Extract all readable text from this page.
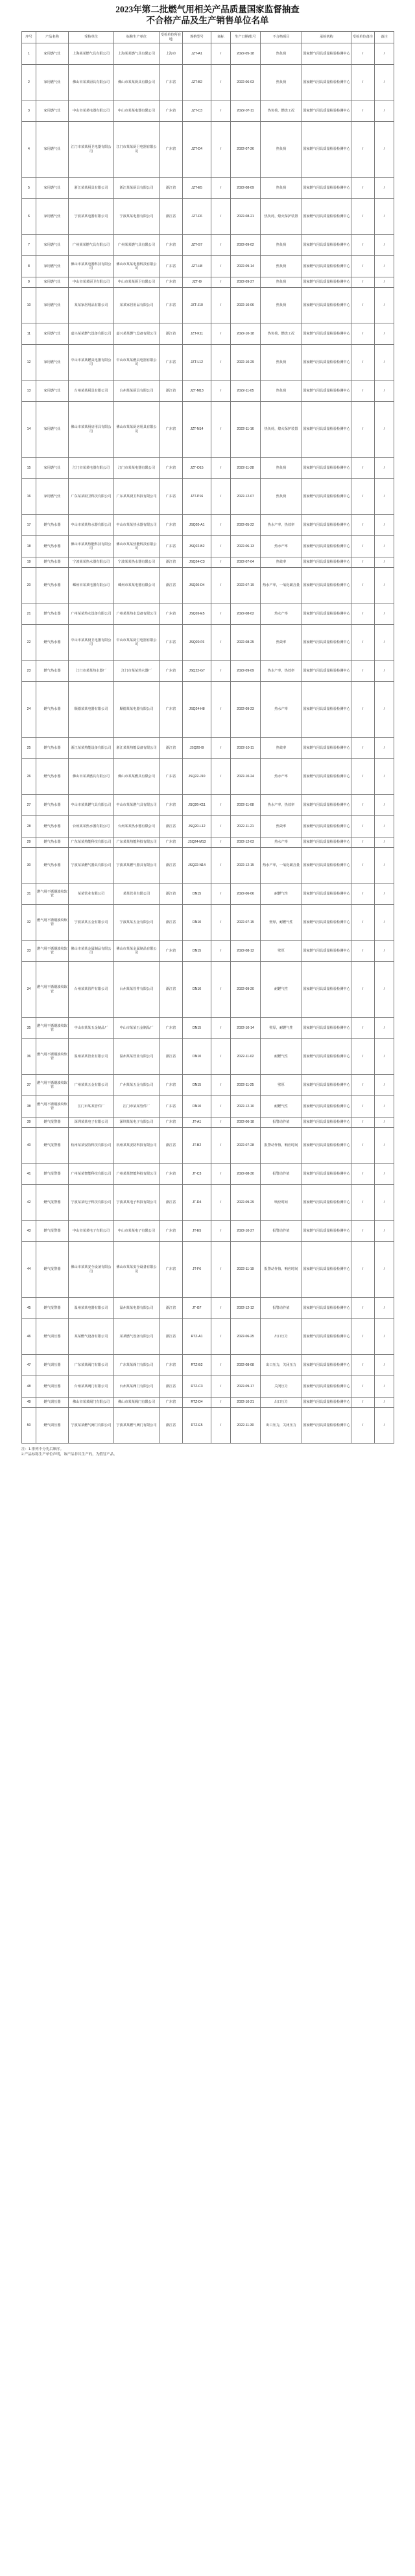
2023年第二批燃气用相关产品质量国家监督抽查
不合格产品及生产销售单位名单
序号	产品名称	受检单位	标称生产单位	受检单位所在地	规格型号	商标	生产日期/批号	不合格项目	承检机构	受检单位备注	备注
1	家用燃气灶	上海某某燃气具有限公司	上海某某燃气具有限公司	上海市	JZT-A1	/	2022-05-18	热负荷	国家燃气用具质量检验检测中心	/	/
2	家用燃气灶	佛山市某某厨具有限公司	佛山市某某厨具有限公司	广东省	JZT-B2	/	2022-06-03	热负荷	国家燃气用具质量检验检测中心	/	/
3	家用燃气灶	中山市某某电器有限公司	中山市某某电器有限公司	广东省	JZT-C3	/	2022-07-11	热负荷，燃烧工况	国家燃气用具质量检验检测中心	/	/
4	家用燃气灶	江门市某某厨卫电器有限公司	江门市某某厨卫电器有限公司	广东省	JZT-D4	/	2022-07-26	热负荷	国家燃气用具质量检验检测中心	/	/
5	家用燃气灶	浙江某某厨具有限公司	浙江某某厨具有限公司	浙江省	JZT-E5	/	2022-08-09	热负荷	国家燃气用具质量检验检测中心	/	/
6	家用燃气灶	宁波某某电器有限公司	宁波某某电器有限公司	浙江省	JZT-F6	/	2022-08-21	热负荷，熄火保护装置	国家燃气用具质量检验检测中心	/	/
7	家用燃气灶	广州某某燃气具有限公司	广州某某燃气具有限公司	广东省	JZT-G7	/	2022-09-02	热负荷	国家燃气用具质量检验检测中心	/	/
8	家用燃气灶	佛山市某某电器科技有限公司	佛山市某某电器科技有限公司	广东省	JZT-H8	/	2022-09-14	热负荷	国家燃气用具质量检验检测中心	/	/
9	家用燃气灶	中山市某某厨卫有限公司	中山市某某厨卫有限公司	广东省	JZT-I9	/	2022-09-27	热负荷	国家燃气用具质量检验检测中心	/	/
10	家用燃气灶	某某家居用品有限公司	某某家居用品有限公司	广东省	JZT-J10	/	2022-10-06	热负荷	国家燃气用具质量检验检测中心	/	/
11	家用燃气灶	嘉兴某某燃气设备有限公司	嘉兴某某燃气设备有限公司	浙江省	JZT-K11	/	2022-10-18	热负荷，燃烧工况	国家燃气用具质量检验检测中心	/	/
12	家用燃气灶	中山市某某燃具电器有限公司	中山市某某燃具电器有限公司	广东省	JZT-L12	/	2022-10-29	热负荷	国家燃气用具质量检验检测中心	/	/
13	家用燃气灶	台州某某厨具有限公司	台州某某厨具有限公司	浙江省	JZT-M13	/	2022-11-05	热负荷	国家燃气用具质量检验检测中心	/	/
14	家用燃气灶	佛山市某某厨房用具有限公司	佛山市某某厨房用具有限公司	广东省	JZT-N14	/	2022-11-16	热负荷，熄火保护装置	国家燃气用具质量检验检测中心	/	/
15	家用燃气灶	江门市某某电器有限公司	江门市某某电器有限公司	广东省	JZT-O15	/	2022-11-28	热负荷	国家燃气用具质量检验检测中心	/	/
16	家用燃气灶	广东某某厨卫科技有限公司	广东某某厨卫科技有限公司	广东省	JZT-P16	/	2022-12-07	热负荷	国家燃气用具质量检验检测中心	/	/
17	燃气热水器	中山市某某热水器有限公司	中山市某某热水器有限公司	广东省	JSQ20-A1	/	2022-05-22	热水产率，热效率	国家燃气用具质量检验检测中心	/	/
18	燃气热水器	佛山市某某热能科技有限公司	佛山市某某热能科技有限公司	广东省	JSQ22-B2	/	2022-06-13	热水产率	国家燃气用具质量检验检测中心	/	/
19	燃气热水器	宁波某某热水器有限公司	宁波某某热水器有限公司	浙江省	JSQ24-C3	/	2022-07-04	热效率	国家燃气用具质量检验检测中心	/	/
20	燃气热水器	嵊州市某某电器有限公司	嵊州市某某电器有限公司	浙江省	JSQ20-D4	/	2022-07-19	热水产率，一氧化碳含量	国家燃气用具质量检验检测中心	/	/
21	燃气热水器	广州某某热水设备有限公司	广州某某热水设备有限公司	广东省	JSQ26-E5	/	2022-08-02	热水产率	国家燃气用具质量检验检测中心	/	/
22	燃气热水器	中山市某某厨卫电器有限公司	中山市某某厨卫电器有限公司	广东省	JSQ20-F6	/	2022-08-25	热效率	国家燃气用具质量检验检测中心	/	/
23	燃气热水器	江门市某某热水器厂	江门市某某热水器厂	广东省	JSQ22-G7	/	2022-09-09	热水产率，热效率	国家燃气用具质量检验检测中心	/	/
24	燃气热水器	顺德某某电器有限公司	顺德某某电器有限公司	广东省	JSQ24-H8	/	2022-09-23	热水产率	国家燃气用具质量检验检测中心	/	/
25	燃气热水器	浙江某某热能设备有限公司	浙江某某热能设备有限公司	浙江省	JSQ20-I9	/	2022-10-11	热效率	国家燃气用具质量检验检测中心	/	/
26	燃气热水器	佛山市某某燃具有限公司	佛山市某某燃具有限公司	广东省	JSQ22-J10	/	2022-10-24	热水产率	国家燃气用具质量检验检测中心	/	/
27	燃气热水器	中山市某某燃气具有限公司	中山市某某燃气具有限公司	广东省	JSQ26-K11	/	2022-11-08	热水产率，热效率	国家燃气用具质量检验检测中心	/	/
28	燃气热水器	台州某某热水器有限公司	台州某某热水器有限公司	浙江省	JSQ20-L12	/	2022-11-21	热效率	国家燃气用具质量检验检测中心	/	/
29	燃气热水器	广东某某热能科技有限公司	广东某某热能科技有限公司	广东省	JSQ24-M13	/	2022-12-03	热水产率	国家燃气用具质量检验检测中心	/	/
30	燃气热水器	宁波某某燃气器具有限公司	宁波某某燃气器具有限公司	浙江省	JSQ22-N14	/	2022-12-15	热水产率，一氧化碳含量	国家燃气用具质量检验检测中心	/	/
31	燃气用不锈钢波纹软管	某某管业有限公司	某某管业有限公司	浙江省	DN15	/	2022-06-06	耐燃气性	国家燃气用具质量检验检测中心	/	/
32	燃气用不锈钢波纹软管	宁波某某五金有限公司	宁波某某五金有限公司	浙江省	DN10	/	2022-07-15	壁厚，耐燃气性	国家燃气用具质量检验检测中心	/	/
33	燃气用不锈钢波纹软管	佛山市某某金属制品有限公司	佛山市某某金属制品有限公司	广东省	DN15	/	2022-08-12	壁厚	国家燃气用具质量检验检测中心	/	/
34	燃气用不锈钢波纹软管	台州某某管件有限公司	台州某某管件有限公司	浙江省	DN10	/	2022-09-20	耐燃气性	国家燃气用具质量检验检测中心	/	/
35	燃气用不锈钢波纹软管	中山市某某五金制品厂	中山市某某五金制品厂	广东省	DN15	/	2022-10-14	壁厚，耐燃气性	国家燃气用具质量检验检测中心	/	/
36	燃气用不锈钢波纹软管	温州某某管业有限公司	温州某某管业有限公司	浙江省	DN10	/	2022-11-02	耐燃气性	国家燃气用具质量检验检测中心	/	/
37	燃气用不锈钢波纹软管	广州某某五金有限公司	广州某某五金有限公司	广东省	DN15	/	2022-11-25	壁厚	国家燃气用具质量检验检测中心	/	/
38	燃气用不锈钢波纹软管	江门市某某管件厂	江门市某某管件厂	广东省	DN10	/	2022-12-10	耐燃气性	国家燃气用具质量检验检测中心	/	/
39	燃气报警器	深圳某某电子有限公司	深圳某某电子有限公司	广东省	JT-A1	/	2022-06-18	报警动作值	国家燃气用具质量检验检测中心	/	/
40	燃气报警器	杭州某某安防科技有限公司	杭州某某安防科技有限公司	浙江省	JT-B2	/	2022-07-28	报警动作值，响应时间	国家燃气用具质量检验检测中心	/	/
41	燃气报警器	广州某某智能科技有限公司	广州某某智能科技有限公司	广东省	JT-C3	/	2022-08-30	报警动作值	国家燃气用具质量检验检测中心	/	/
42	燃气报警器	宁波某某电子科技有限公司	宁波某某电子科技有限公司	浙江省	JT-D4	/	2022-09-29	响应时间	国家燃气用具质量检验检测中心	/	/
43	燃气报警器	中山市某某电子有限公司	中山市某某电子有限公司	广东省	JT-E5	/	2022-10-27	报警动作值	国家燃气用具质量检验检测中心	/	/
44	燃气报警器	佛山市某某安全设备有限公司	佛山市某某安全设备有限公司	广东省	JT-F6	/	2022-11-19	报警动作值，响应时间	国家燃气用具质量检验检测中心	/	/
45	燃气报警器	温州某某电器有限公司	温州某某电器有限公司	浙江省	JT-G7	/	2022-12-12	报警动作值	国家燃气用具质量检验检测中心	/	/
46	燃气调压器	某某燃气设备有限公司	某某燃气设备有限公司	浙江省	RTZ-A1	/	2022-06-25	出口压力	国家燃气用具质量检验检测中心	/	/
47	燃气调压器	广东某某阀门有限公司	广东某某阀门有限公司	广东省	RTZ-B2	/	2022-08-08	出口压力，关闭压力	国家燃气用具质量检验检测中心	/	/
48	燃气调压器	台州某某阀门有限公司	台州某某阀门有限公司	浙江省	RTZ-C3	/	2022-09-17	关闭压力	国家燃气用具质量检验检测中心	/	/
49	燃气调压器	佛山市某某阀门有限公司	佛山市某某阀门有限公司	广东省	RTZ-D4	/	2022-10-21	出口压力	国家燃气用具质量检验检测中心	/	/
50	燃气调压器	宁波某某燃气阀门有限公司	宁波某某燃气阀门有限公司	浙江省	RTZ-E5	/	2022-11-30	出口压力，关闭压力	国家燃气用具质量检验检测中心	/	/
注：1.排列不分先后顺序。
2.产品标称生产单位声明，该产品非其生产的，为假冒产品。
